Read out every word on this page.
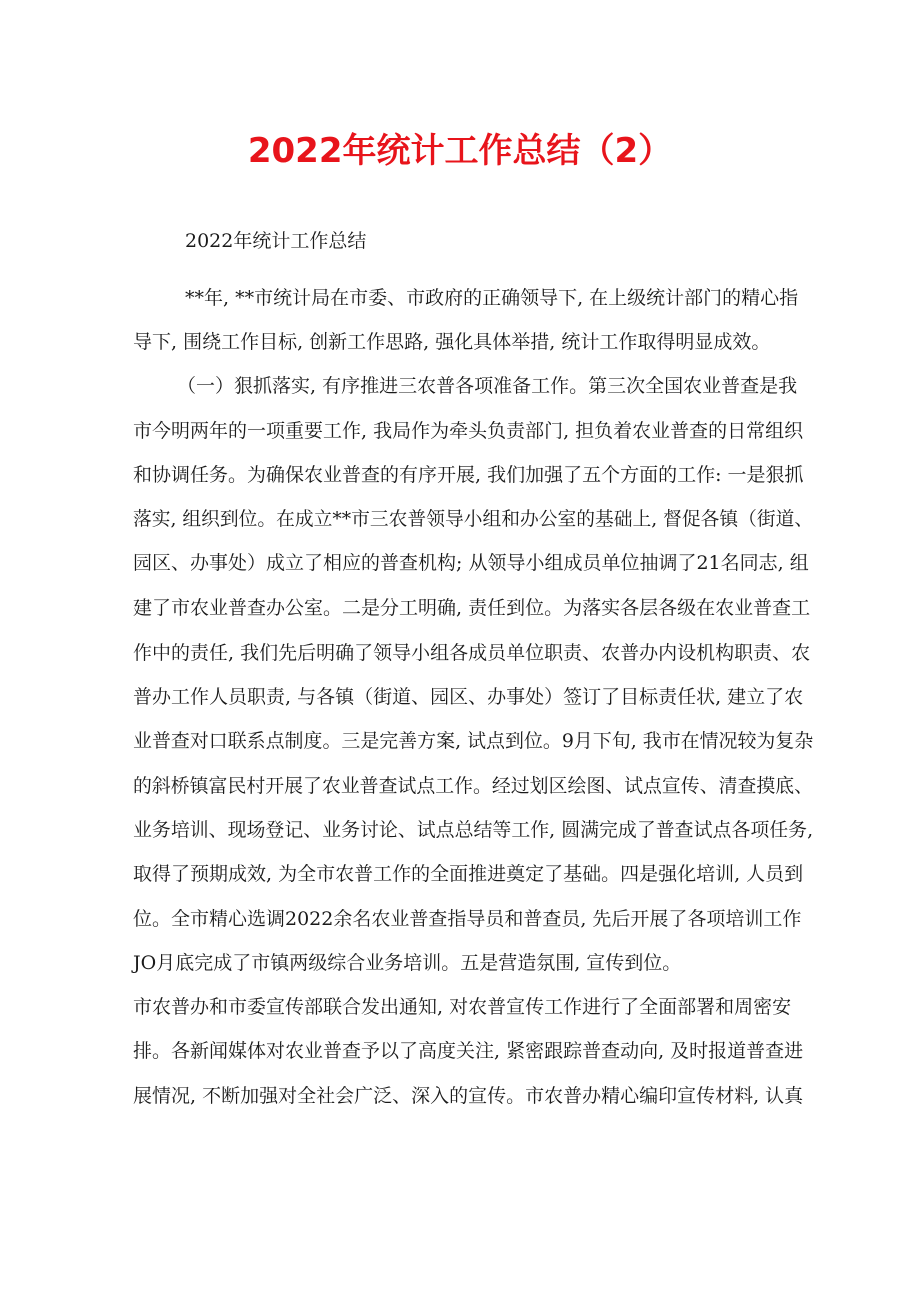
2022年统计工作总结（2）
2022年统计工作总结
**年, **市统计局在市委、市政府的正确领导下, 在上级统计部门的精心指
导下, 围绕工作目标, 创新工作思路, 强化具体举措, 统计工作取得明显成效。
（一）狠抓落实, 有序推进三农普各项准备工作。第三次全国农业普查是我
市今明两年的一项重要工作, 我局作为牵头负责部门, 担负着农业普查的日常组织
和协调任务。为确保农业普查的有序开展, 我们加强了五个方面的工作: 一是狠抓
落实, 组织到位。在成立**市三农普领导小组和办公室的基础上, 督促各镇（街道、
园区、办事处）成立了相应的普查机构; 从领导小组成员单位抽调了21名同志, 组
建了市农业普查办公室。二是分工明确, 责任到位。为落实各层各级在农业普查工
作中的责任, 我们先后明确了领导小组各成员单位职责、农普办内设机构职责、农
普办工作人员职责, 与各镇（街道、园区、办事处）签订了目标责任状, 建立了农
业普查对口联系点制度。三是完善方案, 试点到位。9月下旬, 我市在情况较为复杂
的斜桥镇富民村开展了农业普查试点工作。经过划区绘图、试点宣传、清查摸底、
业务培训、现场登记、业务讨论、试点总结等工作, 圆满完成了普查试点各项任务,
取得了预期成效, 为全市农普工作的全面推进奠定了基础。四是强化培训, 人员到
位。全市精心选调2022余名农业普查指导员和普查员, 先后开展了各项培训工作
JO月底完成了市镇两级综合业务培训。五是营造氛围, 宣传到位。
市农普办和市委宣传部联合发出通知, 对农普宣传工作进行了全面部署和周密安
排。各新闻媒体对农业普查予以了高度关注, 紧密跟踪普查动向, 及时报道普查进
展情况, 不断加强对全社会广泛、深入的宣传。市农普办精心编印宣传材料, 认真
